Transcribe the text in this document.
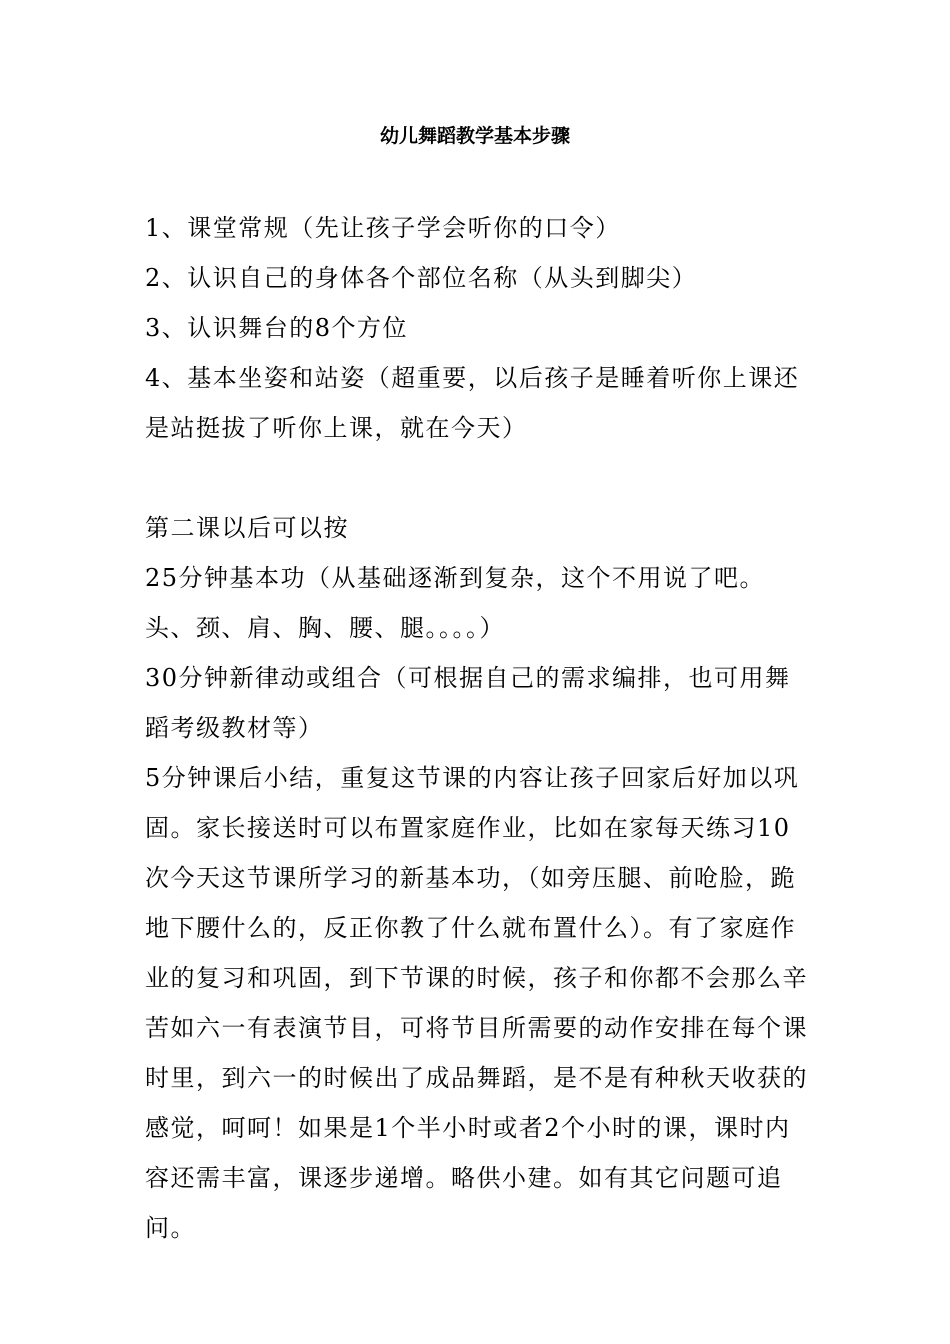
幼儿舞蹈教学基本步骤

1、课堂常规（先让孩子学会听你的口令）

2、认识自己的身体各个部位名称（从头到脚尖）

3、认识舞台的8个方位

4、基本坐姿和站姿（超重要，以后孩子是睡着听你上课还是站挺拔了听你上课，就在今天）

第二课以后可以按

25分钟基本功（从基础逐渐到复杂，这个不用说了吧。头、颈、肩、胸、腰、腿。。。。）

30分钟新律动或组合（可根据自己的需求编排，也可用舞蹈考级教材等）

5分钟课后小结，重复这节课的内容让孩子回家后好加以巩固。家长接送时可以布置家庭作业，比如在家每天练习10次今天这节课所学习的新基本功，（如旁压腿、前呛脸，跪地下腰什么的，反正你教了什么就布置什么）。有了家庭作业的复习和巩固，到下节课的时候，孩子和你都不会那么辛苦如六一有表演节目，可将节目所需要的动作安排在每个课时里，到六一的时候出了成品舞蹈，是不是有种秋天收获的感觉，呵呵！如果是1个半小时或者2个小时的课，课时内容还需丰富，课逐步递增。略供小建。如有其它问题可追问。
